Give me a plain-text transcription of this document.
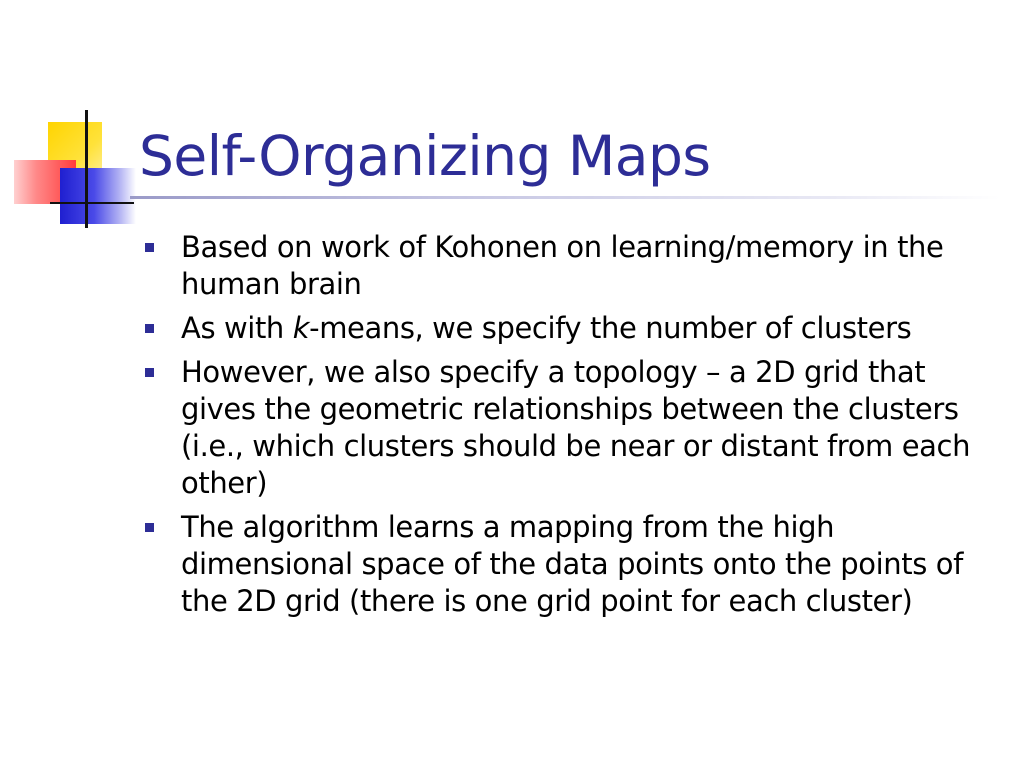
Self-Organizing Maps
Based on work of Kohonen on learning/memory in the human brain
As with k-means, we specify the number of clusters
However, we also specify a topology – a 2D grid that gives the geometric relationships between the clusters (i.e., which clusters should be near or distant from each other)
The algorithm learns a mapping from the high dimensional space of the data points onto the points of the 2D grid (there is one grid point for each cluster)
